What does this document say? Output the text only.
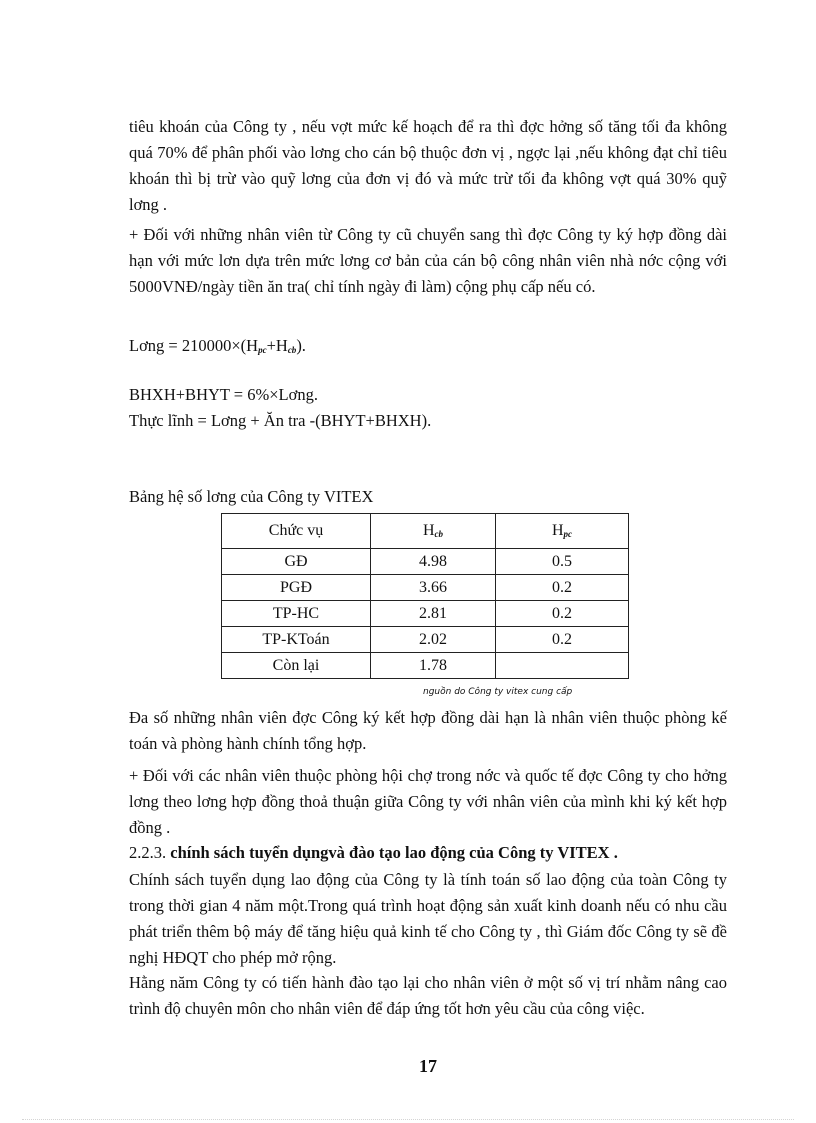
tiêu khoán của Công ty , nếu vợt mức kế hoạch để ra thì đợc hởng số tăng tối đa không quá 70% để phân phối vào lơng cho cán bộ thuộc đơn vị , ngợc lại ,nếu không đạt chỉ tiêu khoán thì bị trừ vào quỹ lơng của đơn vị đó và mức trừ tối đa không vợt quá 30% quỹ lơng .
+ Đối với những nhân viên từ Công ty cũ chuyển sang thì đợc Công ty ký hợp đồng dài hạn với mức lơn dựa trên mức lơng cơ bản của cán bộ công nhân viên nhà nớc cộng với 5000VNĐ/ngày tiền ăn tra( chỉ tính ngày đi làm) cộng phụ cấp nếu có.
Lơng = $210000\times(H_{pc}+H_{cb})$.
BHXH+BHYT = 6%×Lơng.
Thực lĩnh = Lơng + Ăn tra -(BHYT+BHXH).
Bảng hệ số lơng của Công ty VITEX
Chức vụ	$H_{cb}$	$H_{pc}$
GĐ	4.98	0.5
PGĐ	3.66	0.2
TP-HC	2.81	0.2
TP-KToán	2.02	0.2
Còn lại	1.78	
nguồn do Công ty vitex cung cấp
Đa số những nhân viên đợc Công ký kết hợp đồng dài hạn là nhân viên thuộc phòng kế toán và phòng hành chính tổng hợp.
+ Đối với các nhân viên thuộc phòng hội chợ trong nớc và quốc tế đợc Công ty cho hởng lơng theo lơng hợp đồng thoả thuận giữa Công ty với nhân viên của mình khi ký kết hợp đồng .
2.2.3. chính sách tuyển dụngvà đào tạo lao động của Công ty VITEX .
Chính sách tuyển dụng lao động của Công ty là tính toán số lao động của toàn Công ty trong thời gian 4 năm một.Trong quá trình hoạt động sản xuất kinh doanh nếu có nhu cầu phát triển thêm bộ máy để tăng hiệu quả kinh tế cho Công ty , thì Giám đốc Công ty sẽ đề nghị HĐQT cho phép mở rộng.
Hằng năm Công ty có tiến hành đào tạo lại cho nhân viên ở một số vị trí nhằm nâng cao trình độ chuyên môn cho nhân viên để đáp ứng tốt hơn yêu cầu của công việc.
17
